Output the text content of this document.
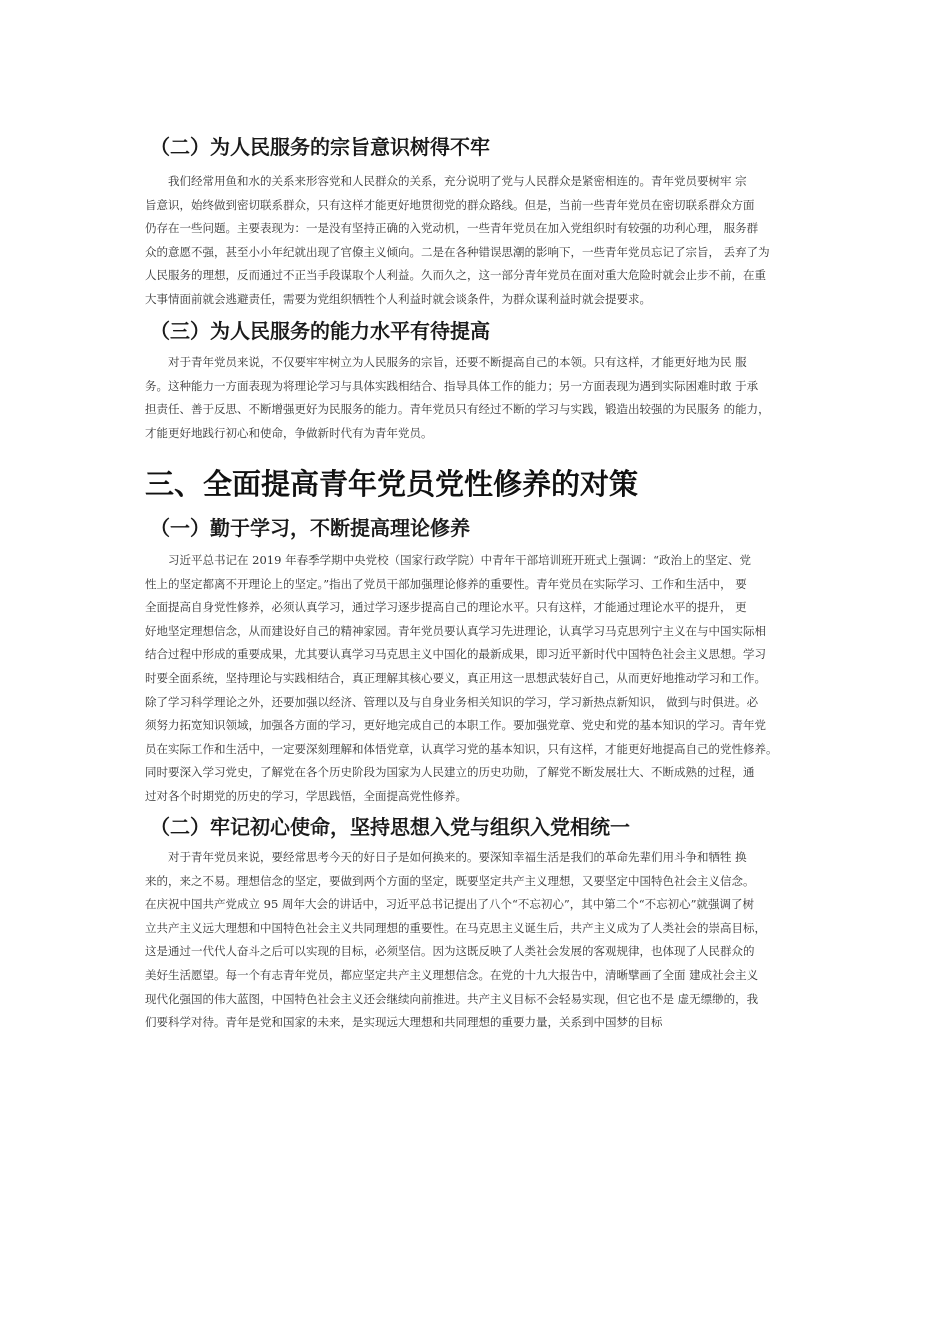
（二）为人民服务的宗旨意识树得不牢
　　我们经常用鱼和水的关系来形容党和人民群众的关系，充分说明了党与人民群众是紧密相连的。青年党员要树牢 宗
旨意识，始终做到密切联系群众，只有这样才能更好地贯彻党的群众路线。但是，当前一些青年党员在密切联系群众方面
仍存在一些问题。主要表现为：一是没有坚持正确的入党动机，一些青年党员在加入党组织时有较强的功利心理， 服务群
众的意愿不强，甚至小小年纪就出现了官僚主义倾向。二是在各种错误思潮的影响下，一些青年党员忘记了宗旨， 丢弃了为
人民服务的理想，反而通过不正当手段谋取个人利益。久而久之，这一部分青年党员在面对重大危险时就会止步不前，在重
大事情面前就会逃避责任，需要为党组织牺牲个人利益时就会谈条件，为群众谋利益时就会提要求。
（三）为人民服务的能力水平有待提高
　　对于青年党员来说，不仅要牢牢树立为人民服务的宗旨，还要不断提高自己的本领。只有这样，才能更好地为民 服
务。这种能力一方面表现为将理论学习与具体实践相结合、指导具体工作的能力；另一方面表现为遇到实际困难时敢 于承
担责任、善于反思、不断增强更好为民服务的能力。青年党员只有经过不断的学习与实践，锻造出较强的为民服务 的能力，
才能更好地践行初心和使命，争做新时代有为青年党员。
三、全面提高青年党员党性修养的对策
（一）勤于学习，不断提高理论修养
　　习近平总书记在 2019 年春季学期中央党校（国家行政学院）中青年干部培训班开班式上强调：“政治上的坚定、党
性上的坚定都离不开理论上的坚定。”指出了党员干部加强理论修养的重要性。青年党员在实际学习、工作和生活中， 要
全面提高自身党性修养，必须认真学习，通过学习逐步提高自己的理论水平。只有这样，才能通过理论水平的提升， 更
好地坚定理想信念，从而建设好自己的精神家园。青年党员要认真学习先进理论，认真学习马克思列宁主义在与中国实际相
结合过程中形成的重要成果，尤其要认真学习马克思主义中国化的最新成果，即习近平新时代中国特色社会主义思想。学习
时要全面系统，坚持理论与实践相结合，真正理解其核心要义，真正用这一思想武装好自己，从而更好地推动学习和工作。
除了学习科学理论之外，还要加强以经济、管理以及与自身业务相关知识的学习，学习新热点新知识， 做到与时俱进。必
须努力拓宽知识领域，加强各方面的学习，更好地完成自己的本职工作。要加强党章、党史和党的基本知识的学习。青年党
员在实际工作和生活中，一定要深刻理解和体悟党章，认真学习党的基本知识，只有这样，才能更好地提高自己的党性修养。
同时要深入学习党史，了解党在各个历史阶段为国家为人民建立的历史功勋，了解党不断发展壮大、不断成熟的过程，通
过对各个时期党的历史的学习，学思践悟，全面提高党性修养。
（二）牢记初心使命，坚持思想入党与组织入党相统一
　　对于青年党员来说，要经常思考今天的好日子是如何换来的。要深知幸福生活是我们的革命先辈们用斗争和牺牲 换
来的，来之不易。理想信念的坚定，要做到两个方面的坚定，既要坚定共产主义理想，又要坚定中国特色社会主义信念。
在庆祝中国共产党成立 95 周年大会的讲话中，习近平总书记提出了八个“不忘初心”，其中第二个“不忘初心”就强调了树
立共产主义远大理想和中国特色社会主义共同理想的重要性。在马克思主义诞生后，共产主义成为了人类社会的崇高目标，
这是通过一代代人奋斗之后可以实现的目标，必须坚信。因为这既反映了人类社会发展的客观规律，也体现了人民群众的
美好生活愿望。每一个有志青年党员，都应坚定共产主义理想信念。在党的十九大报告中，清晰擘画了全面 建成社会主义
现代化强国的伟大蓝图，中国特色社会主义还会继续向前推进。共产主义目标不会轻易实现，但它也不是 虚无缥缈的，我
们要科学对待。青年是党和国家的未来，是实现远大理想和共同理想的重要力量，关系到中国梦的目标
